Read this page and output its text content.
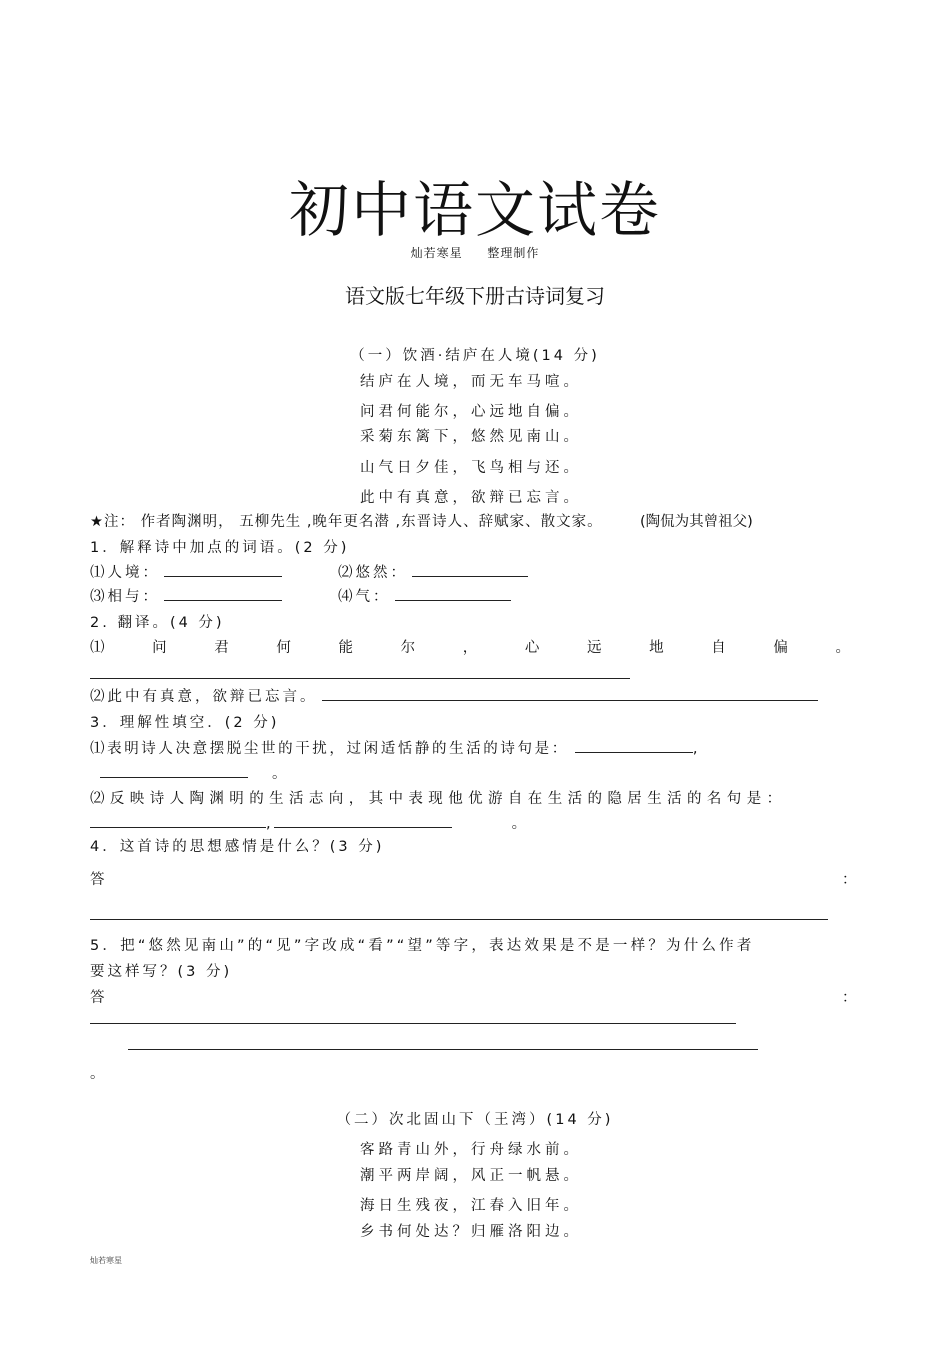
初中语文试卷
灿若寒星 整理制作
语文版七年级下册古诗词复习
（一）饮酒·结庐在人境(14 分)
结庐在人境，而无车马喧。
问君何能尔，心远地自偏。
采菊东篱下，悠然见南山。
山气日夕佳，飞鸟相与还。
此中有真意，欲辩已忘言。
★注： 作者陶渊明， 五柳先生 ,晚年更名潜 ,东晋诗人、辞赋家、散文家。	(陶侃为其曾祖父)
1．解释诗中加点的词语。(2 分)
⑴人境：	⑵悠然：
⑶相与：	⑷气：
2. 翻译。(4 分)
⑴	问	君	何	能	尔	，	心	远	地	自	偏	。
⑵此中有真意，欲辩已忘言。
3．理解性填空．(2 分)
⑴表明诗人决意摆脱尘世的干扰，过闲适恬静的生活的诗句是：	,
。
⑵反映诗人陶渊明的生活志向，其中表现他优游自在生活的隐居生活的名句是：
,	。
4．这首诗的思想感情是什么？(3 分)
答	：
5．把“悠然见南山”的“见”字改成“看”“望”等字，表达效果是不是一样？为什么作者
要这样写？(3 分)
答	：
。
（二）次北固山下（王湾）(14 分)
客路青山外，行舟绿水前。
潮平两岸阔，风正一帆悬。
海日生残夜，江春入旧年。
乡书何处达？归雁洛阳边。
灿若寒星
